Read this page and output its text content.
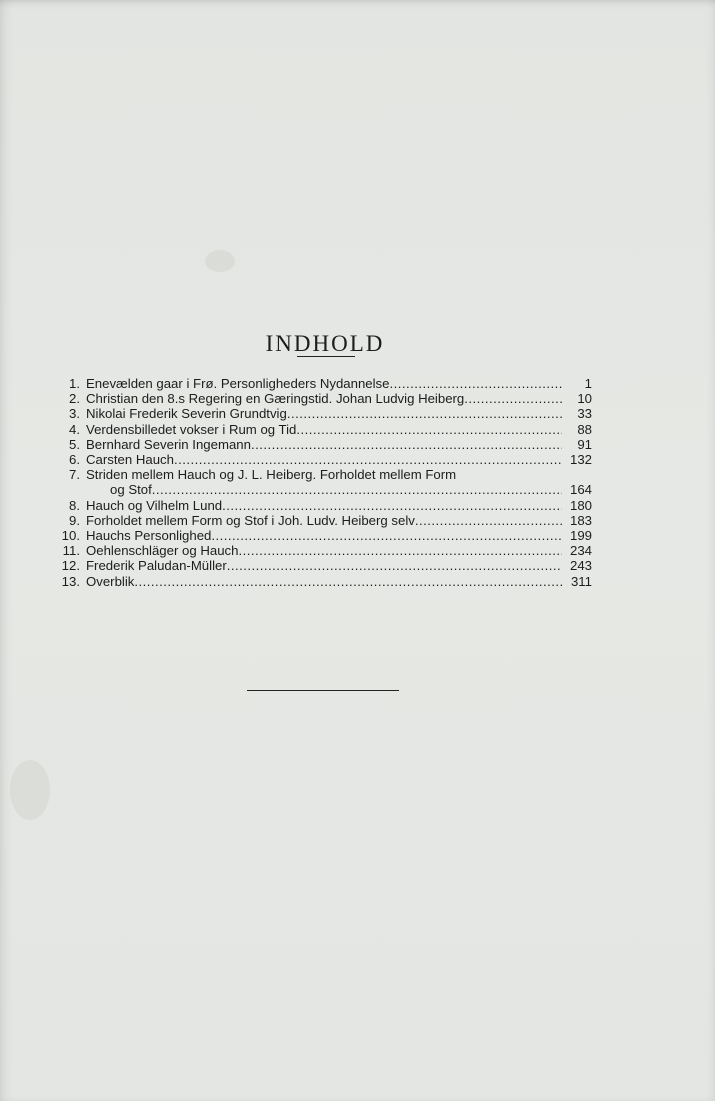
INDHOLD
1. Enevælden gaar i Frø. Personligheders Nydannelse . . .	1
2. Christian den 8.s Regering en Gæringstid. Johan Ludvig Heiberg . . .	10
3. Nikolai Frederik Severin Grundtvig . . .	33
4. Verdensbilledet vokser i Rum og Tid . . .	88
5. Bernhard Severin Ingemann . . .	91
6. Carsten Hauch . . .	132
7. Striden mellem Hauch og J. L. Heiberg. Forholdet mellem Form
og Stof . . .	164
8. Hauch og Vilhelm Lund . . .	180
9. Forholdet mellem Form og Stof i Joh. Ludv. Heiberg selv . . .	183
10. Hauchs Personlighed . . .	199
11. Oehlenschläger og Hauch . . .	234
12. Frederik Paludan-Müller . . .	243
13. Overblik . . .	311
